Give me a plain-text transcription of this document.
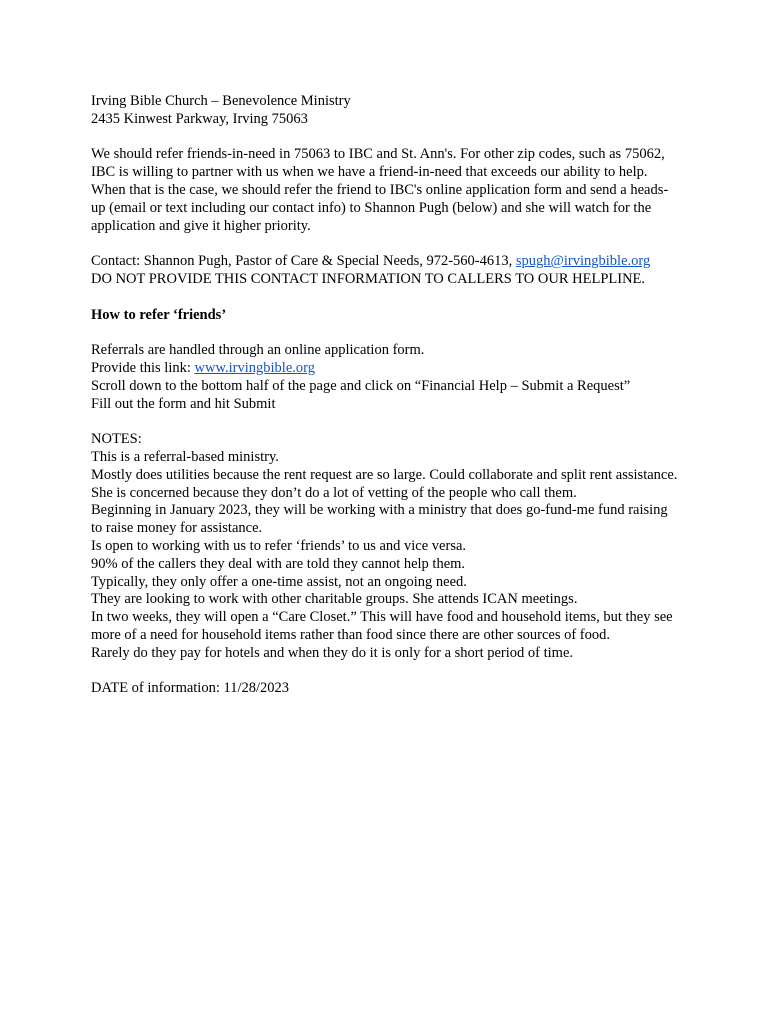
Irving Bible Church – Benevolence Ministry

2435 Kinwest Parkway, Irving 75063

We should refer friends-in-need in 75063 to IBC and St. Ann's. For other zip codes, such as 75062, IBC is willing to partner with us when we have a friend-in-need that exceeds our ability to help. When that is the case, we should refer the friend to IBC's online application form and send a heads-up (email or text including our contact info) to Shannon Pugh (below) and she will watch for the application and give it higher priority.

Contact: Shannon Pugh, Pastor of Care & Special Needs, 972-560-4613, spugh@irvingbible.org

DO NOT PROVIDE THIS CONTACT INFORMATION TO CALLERS TO OUR HELPLINE.

How to refer ‘friends’

Referrals are handled through an online application form.

Provide this link: www.irvingbible.org

Scroll down to the bottom half of the page and click on “Financial Help – Submit a Request”

Fill out the form and hit Submit

NOTES:

This is a referral-based ministry.

Mostly does utilities because the rent request are so large. Could collaborate and split rent assistance.

She is concerned because they don’t do a lot of vetting of the people who call them.

Beginning in January 2023, they will be working with a ministry that does go-fund-me fund raising to raise money for assistance.

Is open to working with us to refer ‘friends’ to us and vice versa.

90% of the callers they deal with are told they cannot help them.

Typically, they only offer a one-time assist, not an ongoing need.

They are looking to work with other charitable groups. She attends ICAN meetings.

In two weeks, they will open a “Care Closet.” This will have food and household items, but they see more of a need for household items rather than food since there are other sources of food.

Rarely do they pay for hotels and when they do it is only for a short period of time.

DATE of information: 11/28/2023
